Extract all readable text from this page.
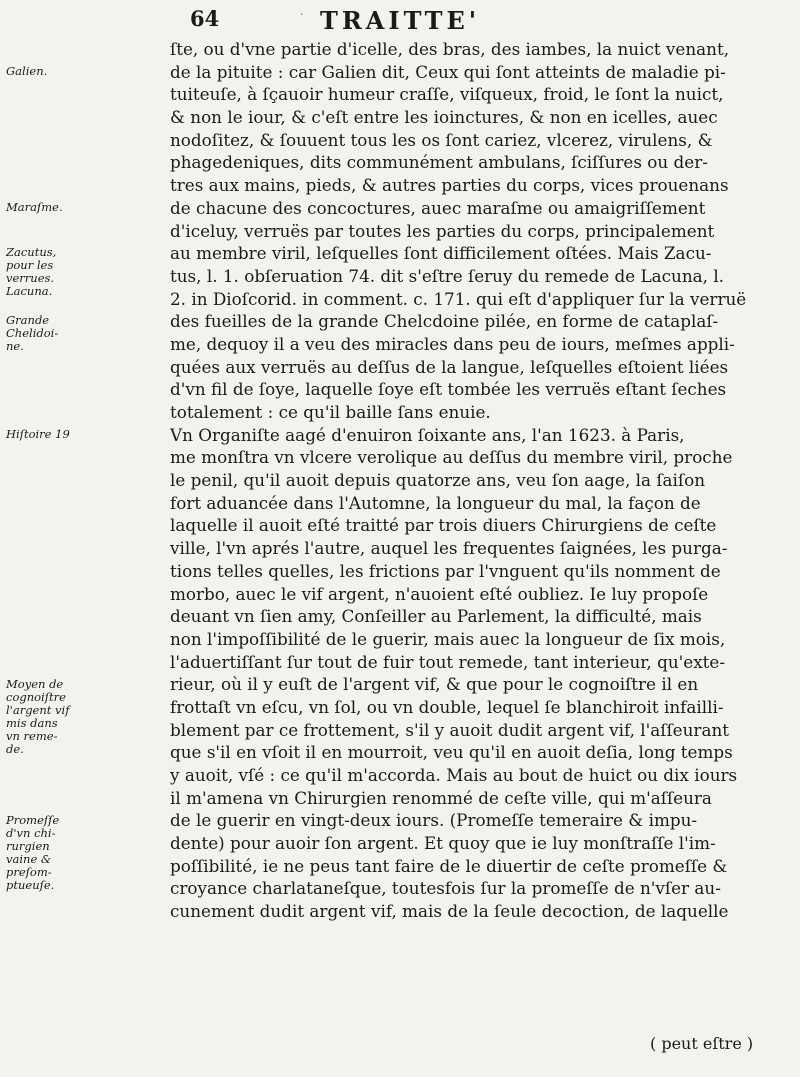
64	· TRAITTE'
Galien.
Maraſme.
Zacutus,
pour les
verrues.
Lacuna.
Grande
Chelidoi-
ne.
Hiſtoire 19
Moyen de
cognoiſtre
l'argent vif
mis dans
vn reme-
de.
Promeſſe
d'vn chi-
rurgien
vaine &
preſom-
ptueuſe.
ſte, ou d'vne partie d'icelle, des bras, des iambes, la nuict venant,
de la pituite : car Galien dit, Ceux qui ſont atteints de maladie pi-
tuiteuſe, à ſçauoir humeur craſſe, viſqueux, froid, le ſont la nuict,
& non le iour, & c'eſt entre les ioinctures, & non en icelles, auec
nodoſitez, & ſouuent tous les os ſont cariez, vlcerez, virulens, &
phagedeniques, dits communément ambulans, ſciſſures ou der-
tres aux mains, pieds, & autres parties du corps, vices prouenans
de chacune des concoctures, auec maraſme ou amaigriſſement
d'iceluy, verruës par toutes les parties du corps, principalement
au membre viril, leſquelles ſont difficilement oſtées. Mais Zacu-
tus, l. 1. obſeruation 74. dit s'eſtre ſeruy du remede de Lacuna, l.
2. in Dioſcorid. in comment. c. 171. qui eſt d'appliquer ſur la verruë
des fueilles de la grande Chelcdoine pilée, en forme de cataplaſ-
me, dequoy il a veu des miracles dans peu de iours, meſmes appli-
quées aux verruës au deſſus de la langue, leſquelles eſtoient liées
d'vn fil de ſoye, laquelle ſoye eſt tombée les verruës eſtant ſeches
totalement : ce qu'il baille ſans enuie.
Vn Organiſte aagé d'enuiron ſoixante ans, l'an 1623. à Paris,
me monſtra vn vlcere verolique au deſſus du membre viril, proche
le penil, qu'il auoit depuis quatorze ans, veu ſon aage, la ſaiſon
fort aduancée dans l'Automne, la longueur du mal, la façon de
laquelle il auoit eſté traitté par trois diuers Chirurgiens de ceſte
ville, l'vn aprés l'autre, auquel les frequentes ſaignées, les purga-
tions telles quelles, les frictions par l'vnguent qu'ils nomment de
morbo, auec le vif argent, n'auoient eſté oubliez. Ie luy propoſe
deuant vn ſien amy, Conſeiller au Parlement, la difficulté, mais
non l'impoſſibilité de le guerir, mais auec la longueur de ſix mois,
l'aduertiſſant ſur tout de fuir tout remede, tant interieur, qu'exte-
rieur, où il y euſt de l'argent vif, & que pour le cognoiſtre il en
frottaſt vn eſcu, vn ſol, ou vn double, lequel ſe blanchiroit infailli-
blement par ce frottement, s'il y auoit dudit argent vif, l'aſſeurant
que s'il en vſoit il en mourroit, veu qu'il en auoit deſia, long temps
y auoit, vſé : ce qu'il m'accorda. Mais au bout de huict ou dix iours
il m'amena vn Chirurgien renommé de ceſte ville, qui m'aſſeura
de le guerir en vingt-deux iours. (Promeſſe temeraire & impu-
dente) pour auoir ſon argent. Et quoy que ie luy monſtraſſe l'im-
poſſibilité, ie ne peus tant faire de le diuertir de ceſte promeſſe &
croyance charlataneſque, toutesfois ſur la promeſſe de n'vſer au-
cunement dudit argent vif, mais de la ſeule decoction, de laquelle
( peut eſtre )
